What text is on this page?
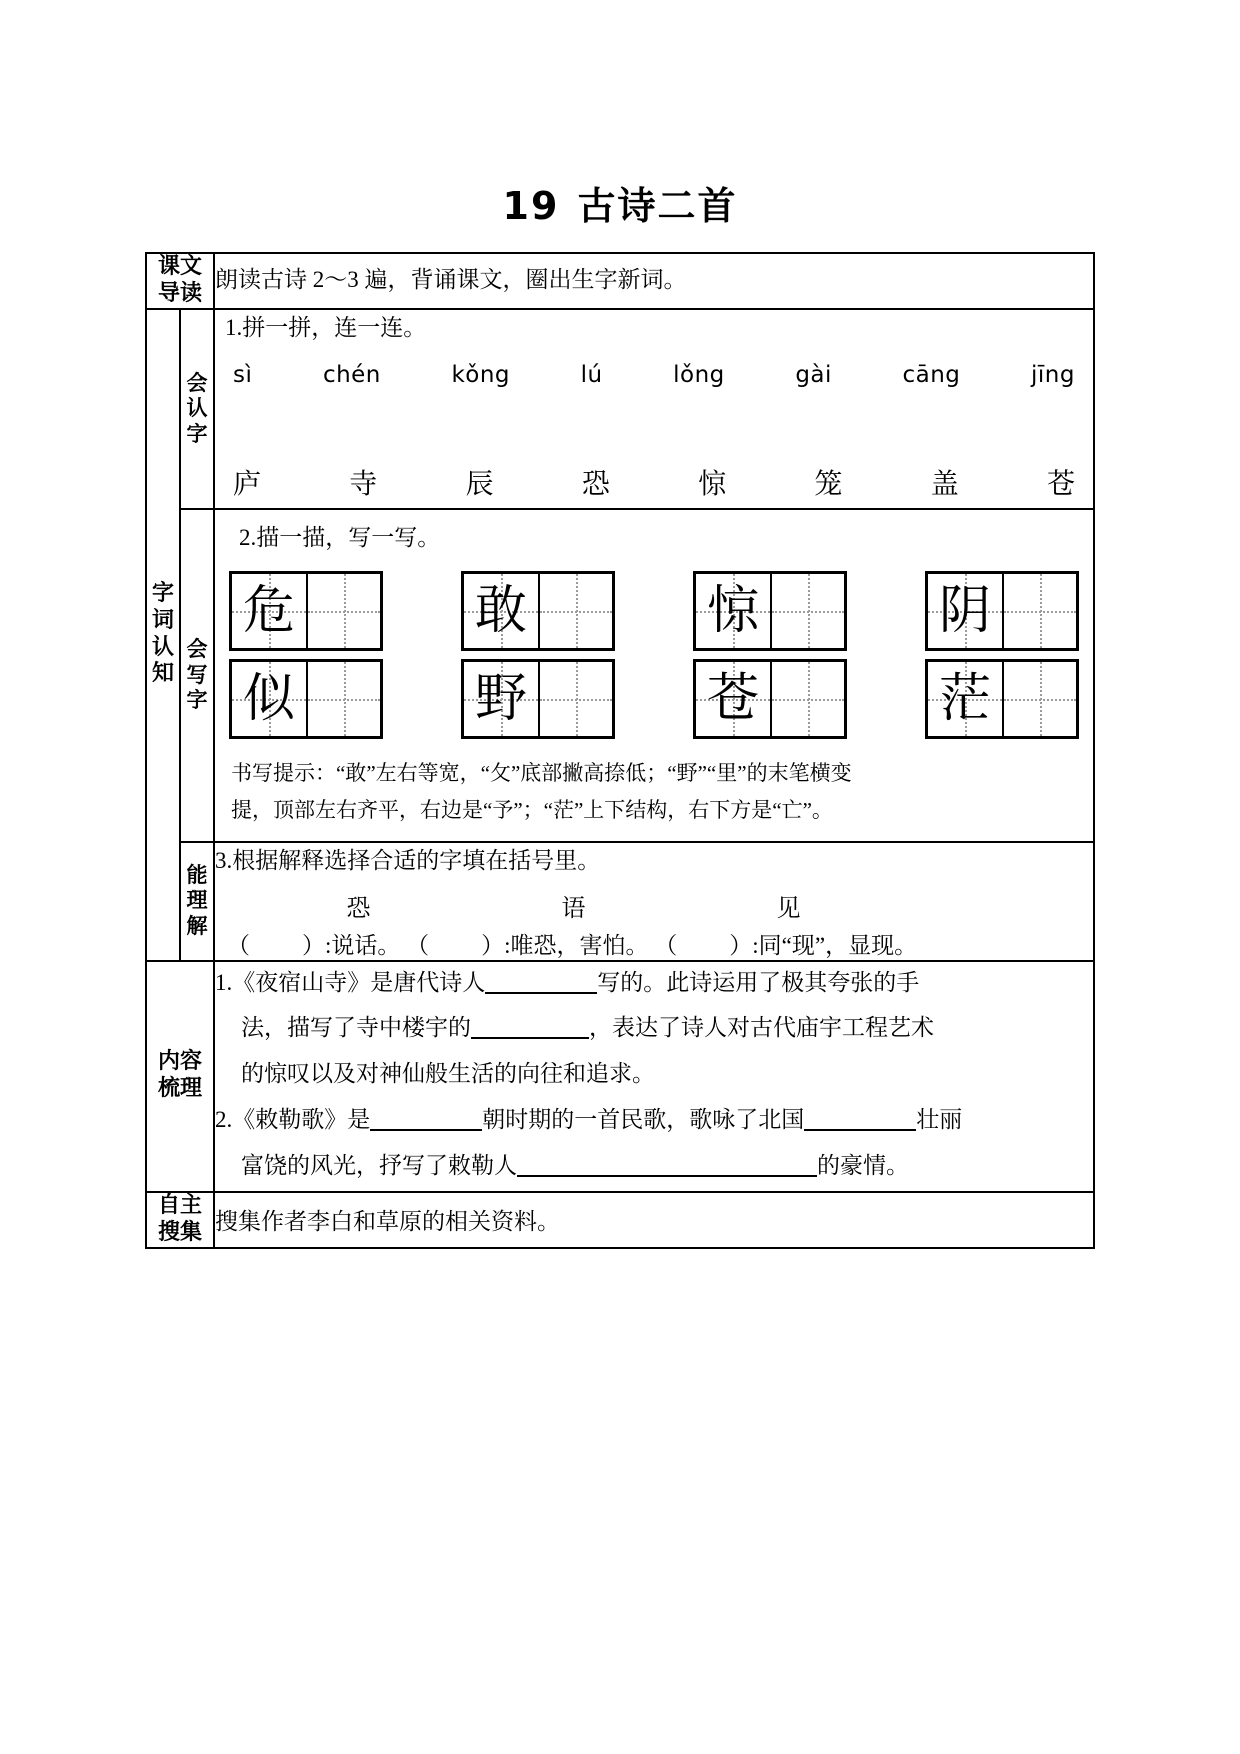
19 古诗二首
课文
导读		朗读古诗 2～3 遍，背诵课文，圈出生字新词。

字词
认知

会
认
字

1.拼一拼，连一连。
sì	chén	kǒng	lú	lǒng	gài	cāng	jīng
庐	寺	辰	恐	惊	笼	盖	苍

会
写
字

2.描一描，写一写。
危	敢	惊	阴
似	野	苍	茫
书写提示：“敢”左右等宽，“攵”底部撇高捺低；“野”“里”的末笔横变
提，顶部左右齐平，右边是“予”；“茫”上下结构，右下方是“亡”。

能
理
解

3.根据解释选择合适的字填在括号里。
恐	语	见
（ ）:说话。 （ ）:唯恐，害怕。 （ ）:同“现”，显现。

内容
梳理

1.《夜宿山寺》是唐代诗人	写的。此诗运用了极其夸张的手

法，描写了寺中楼宇的	，表达了诗人对古代庙宇工程艺术

的惊叹以及对神仙般生活的向往和追求。

2.《敕勒歌》是	朝时期的一首民歌，歌咏了北国	壮丽

富饶的风光，抒写了敕勒人	的豪情。

自主
搜集		搜集作者李白和草原的相关资料。
